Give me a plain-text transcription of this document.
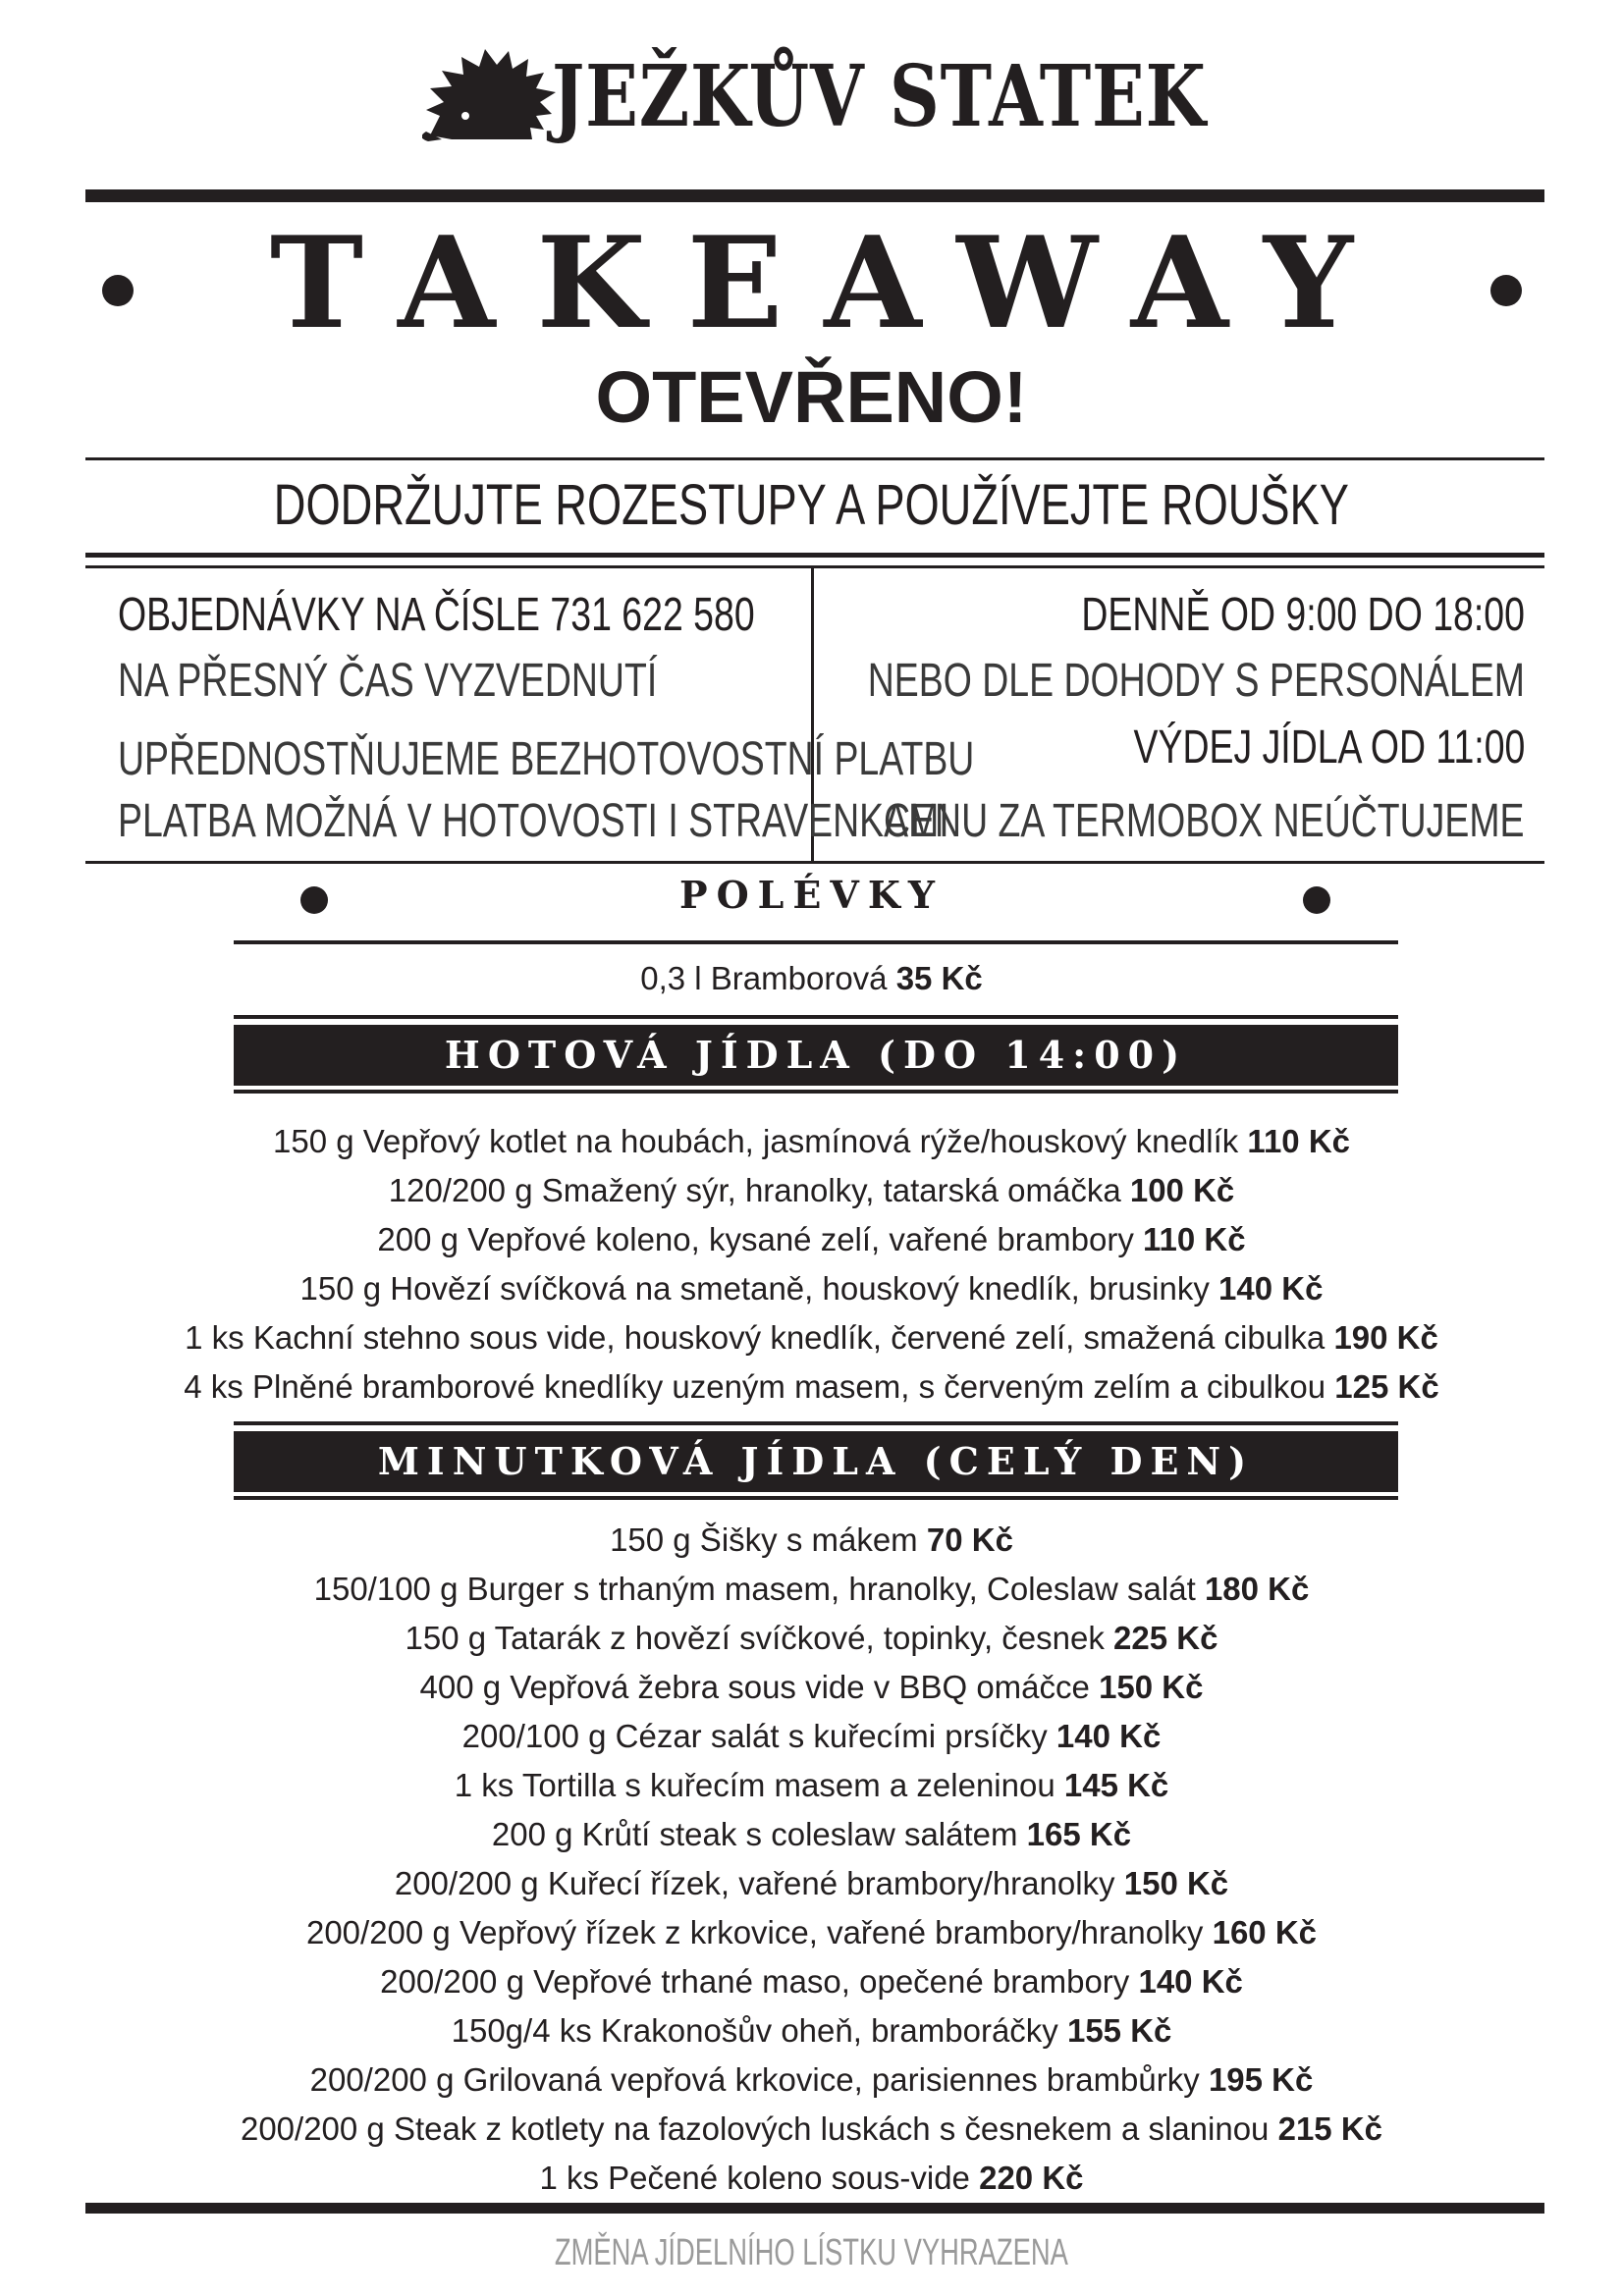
JEŽKŮV STATEK
TAKEAWAY
OTEVŘENO!
DODRŽUJTE ROZESTUPY A POUŽÍVEJTE ROUŠKY
OBJEDNÁVKY NA ČÍSLE 731 622 580
NA PŘESNÝ ČAS VYZVEDNUTÍ
UPŘEDNOSTŇUJEME BEZHOTOVOSTNÍ PLATBU
PLATBA MOŽNÁ V HOTOVOSTI I STRAVENKAMI
DENNĚ OD 9:00 DO 18:00
NEBO DLE DOHODY S PERSONÁLEM
VÝDEJ JÍDLA OD 11:00
CENU ZA TERMOBOX NEÚČTUJEME
POLÉVKY
0,3 l Bramborová 35 Kč
HOTOVÁ JÍDLA (DO 14:00)
150 g Vepřový kotlet na houbách, jasmínová rýže/houskový knedlík 110 Kč
120/200 g Smažený sýr, hranolky, tatarská omáčka 100 Kč
200 g Vepřové koleno, kysané zelí, vařené brambory 110 Kč
150 g Hovězí svíčková na smetaně, houskový knedlík, brusinky 140 Kč
1 ks Kachní stehno sous vide, houskový knedlík, červené zelí, smažená cibulka 190 Kč
4 ks Plněné bramborové knedlíky uzeným masem, s červeným zelím a cibulkou 125 Kč
MINUTKOVÁ JÍDLA (CELÝ DEN)
150 g Šišky s mákem 70 Kč
150/100 g Burger s trhaným masem, hranolky, Coleslaw salát 180 Kč
150 g Tatarák z hovězí svíčkové, topinky, česnek 225 Kč
400 g Vepřová žebra sous vide v BBQ omáčce 150 Kč
200/100 g Cézar salát s kuřecími prsíčky 140 Kč
1 ks Tortilla s kuřecím masem a zeleninou 145 Kč
200 g Krůtí steak s coleslaw salátem 165 Kč
200/200 g Kuřecí řízek, vařené brambory/hranolky 150 Kč
200/200 g Vepřový řízek z krkovice, vařené brambory/hranolky 160 Kč
200/200 g Vepřové trhané maso, opečené brambory 140 Kč
150g/4 ks Krakonošův oheň, bramboráčky 155 Kč
200/200 g Grilovaná vepřová krkovice, parisiennes brambůrky 195 Kč
200/200 g Steak z kotlety na fazolových luskách s česnekem a slaninou 215 Kč
1 ks Pečené koleno sous-vide 220 Kč
ZMĚNA JÍDELNÍHO LÍSTKU VYHRAZENA
